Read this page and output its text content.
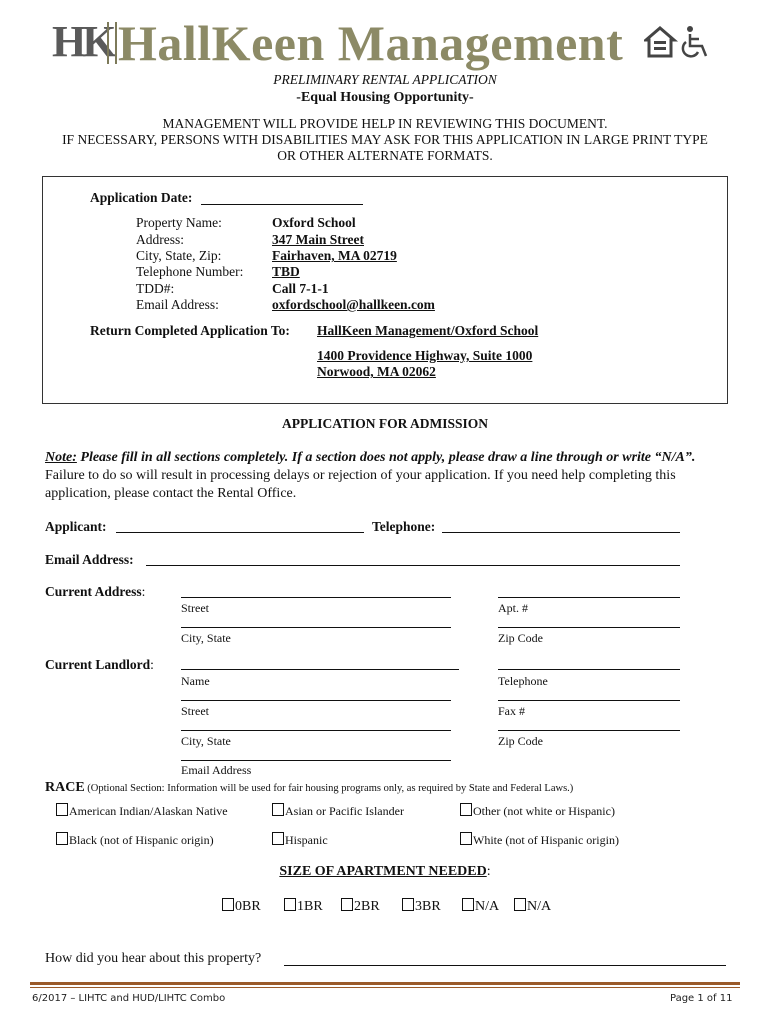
HK HallKeen Management
PRELIMINARY RENTAL APPLICATION
-Equal Housing Opportunity-
MANAGEMENT WILL PROVIDE HELP IN REVIEWING THIS DOCUMENT.
IF NECESSARY, PERSONS WITH DISABILITIES MAY ASK FOR THIS APPLICATION IN LARGE PRINT TYPE
OR OTHER ALTERNATE FORMATS.
Application Date:
Property Name:	Oxford School
Address:	347 Main Street
City, State, Zip:	Fairhaven, MA 02719
Telephone Number: TBD
TDD#:	Call 7-1-1
Email Address:	oxfordschool@hallkeen.com
Return Completed Application To: HallKeen Management/Oxford School
1400 Providence Highway, Suite 1000
Norwood, MA 02062
APPLICATION FOR ADMISSION
Note: Please fill in all sections completely. If a section does not apply, please draw a line through or write “N/A”. Failure to do so will result in processing delays or rejection of your application. If you need help completing this application, please contact the Rental Office.
Applicant:	Telephone:
Email Address:
Current Address:
Street	Apt. #
City, State	Zip Code
Current Landlord:
Name	Telephone
Street	Fax #
City, State	Zip Code
Email Address
RACE (Optional Section: Information will be used for fair housing programs only, as required by State and Federal Laws.)
American Indian/Alaskan Native	Asian or Pacific Islander	Other (not white or Hispanic)
Black (not of Hispanic origin)	Hispanic	White (not of Hispanic origin)
SIZE OF APARTMENT NEEDED:
0BR	1BR	2BR	3BR	N/A	N/A
How did you hear about this property?
6/2017 – LIHTC and HUD/LIHTC Combo	Page 1 of 11
